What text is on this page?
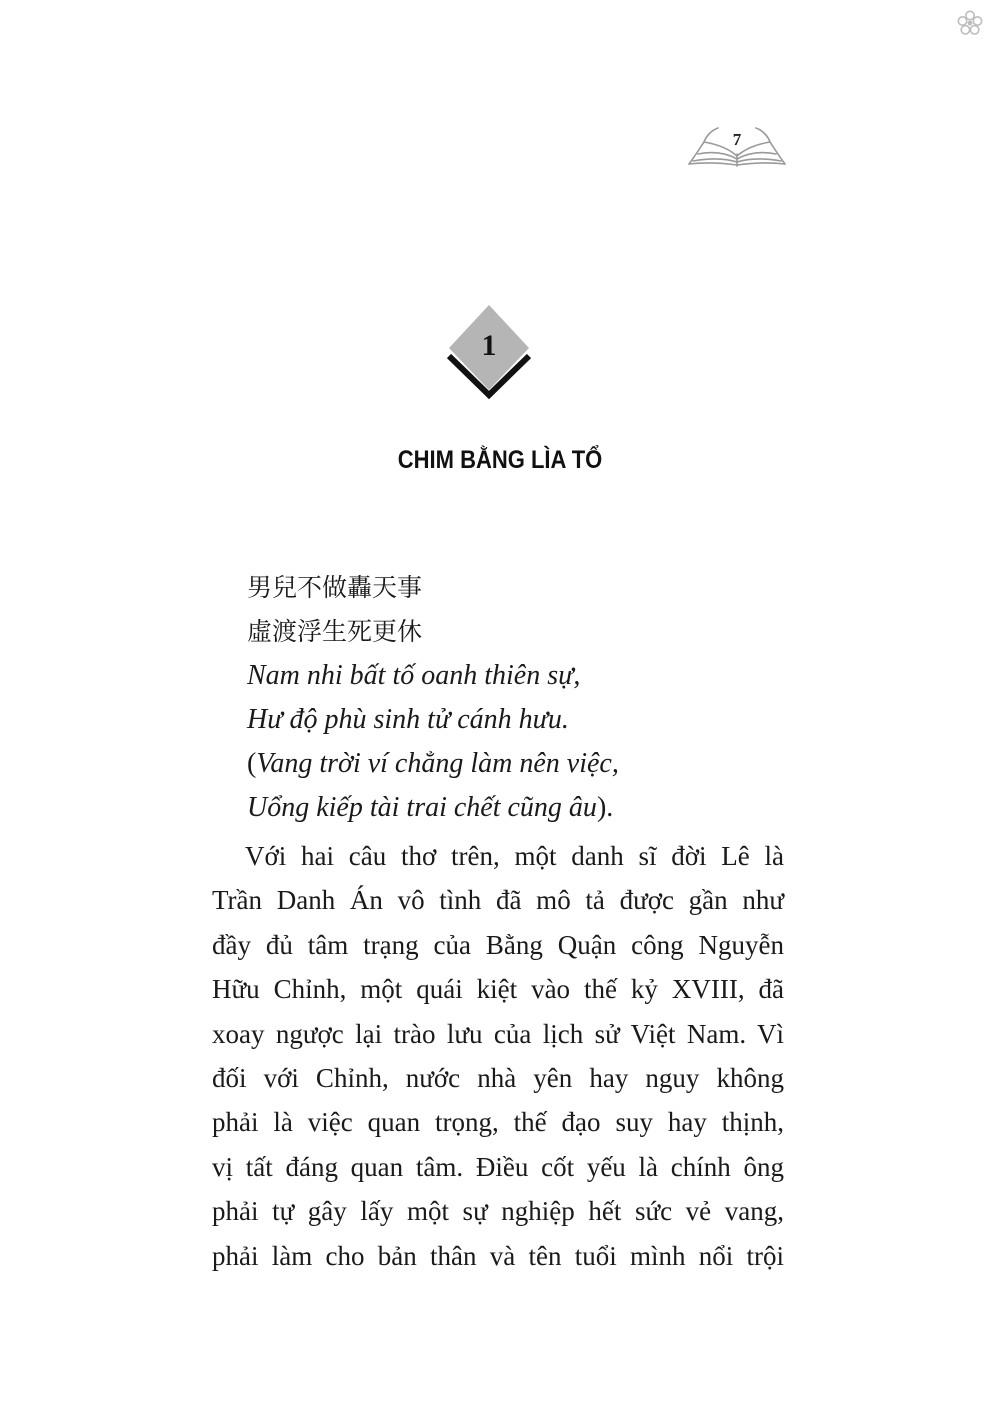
7
1
CHIM BẰNG LÌA TỔ
男兒不做轟天事
虛渡浮生死更休
Nam nhi bất tố oanh thiên sự,
Hư độ phù sinh tử cánh hưu.
(Vang trời ví chẳng làm nên việc,
Uổng kiếp tài trai chết cũng âu).
Với hai câu thơ trên, một danh sĩ đời Lê là
Trần Danh Án vô tình đã mô tả được gần như
đầy đủ tâm trạng của Bằng Quận công Nguyễn
Hữu Chỉnh, một quái kiệt vào thế kỷ XVIII, đã
xoay ngược lại trào lưu của lịch sử Việt Nam. Vì
đối với Chỉnh, nước nhà yên hay nguy không
phải là việc quan trọng, thế đạo suy hay thịnh,
vị tất đáng quan tâm. Điều cốt yếu là chính ông
phải tự gây lấy một sự nghiệp hết sức vẻ vang,
phải làm cho bản thân và tên tuổi mình nổi trội
